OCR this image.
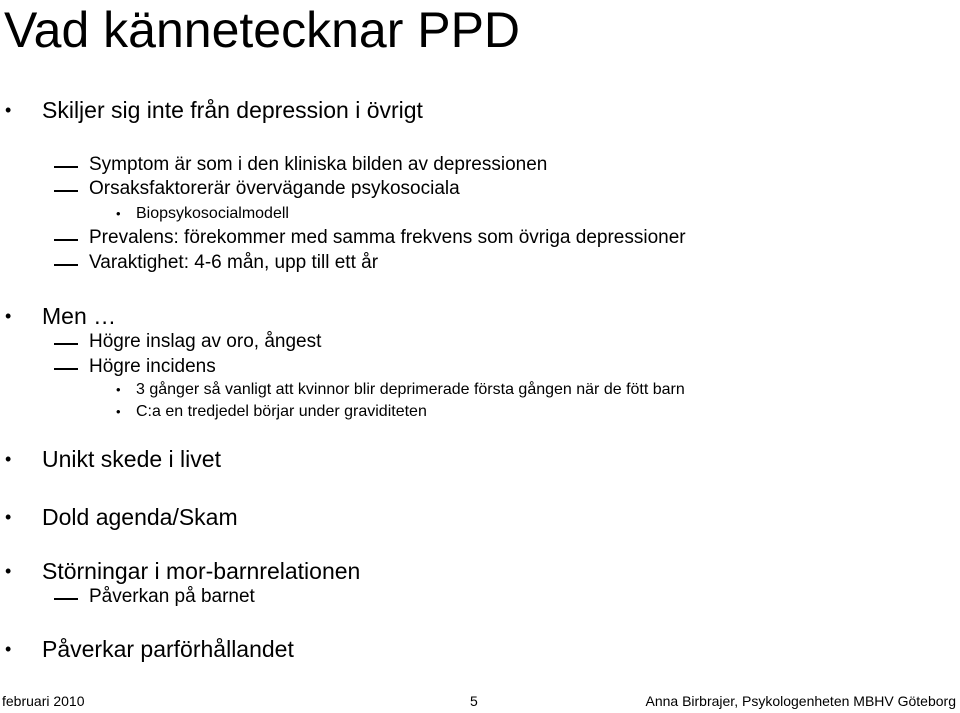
Vad kännetecknar PPD
• Skiljer sig inte från depression i övrigt
Symptom är som i den kliniska bilden av depressionen
Orsaksfaktorerär övervägande psykosociala
• Biopsykosocialmodell
Prevalens: förekommer med samma frekvens som övriga depressioner
Varaktighet: 4-6 mån, upp till ett år
• Men …
Högre inslag av oro, ångest
Högre incidens
• 3 gånger så vanligt att kvinnor blir deprimerade första gången när de fött barn
• C:a en tredjedel börjar under graviditeten
• Unikt skede i livet
• Dold agenda/Skam
• Störningar i mor-barnrelationen
Påverkan på barnet
• Påverkar parförhållandet
februari 2010	5	Anna Birbrajer, Psykologenheten MBHV Göteborg
